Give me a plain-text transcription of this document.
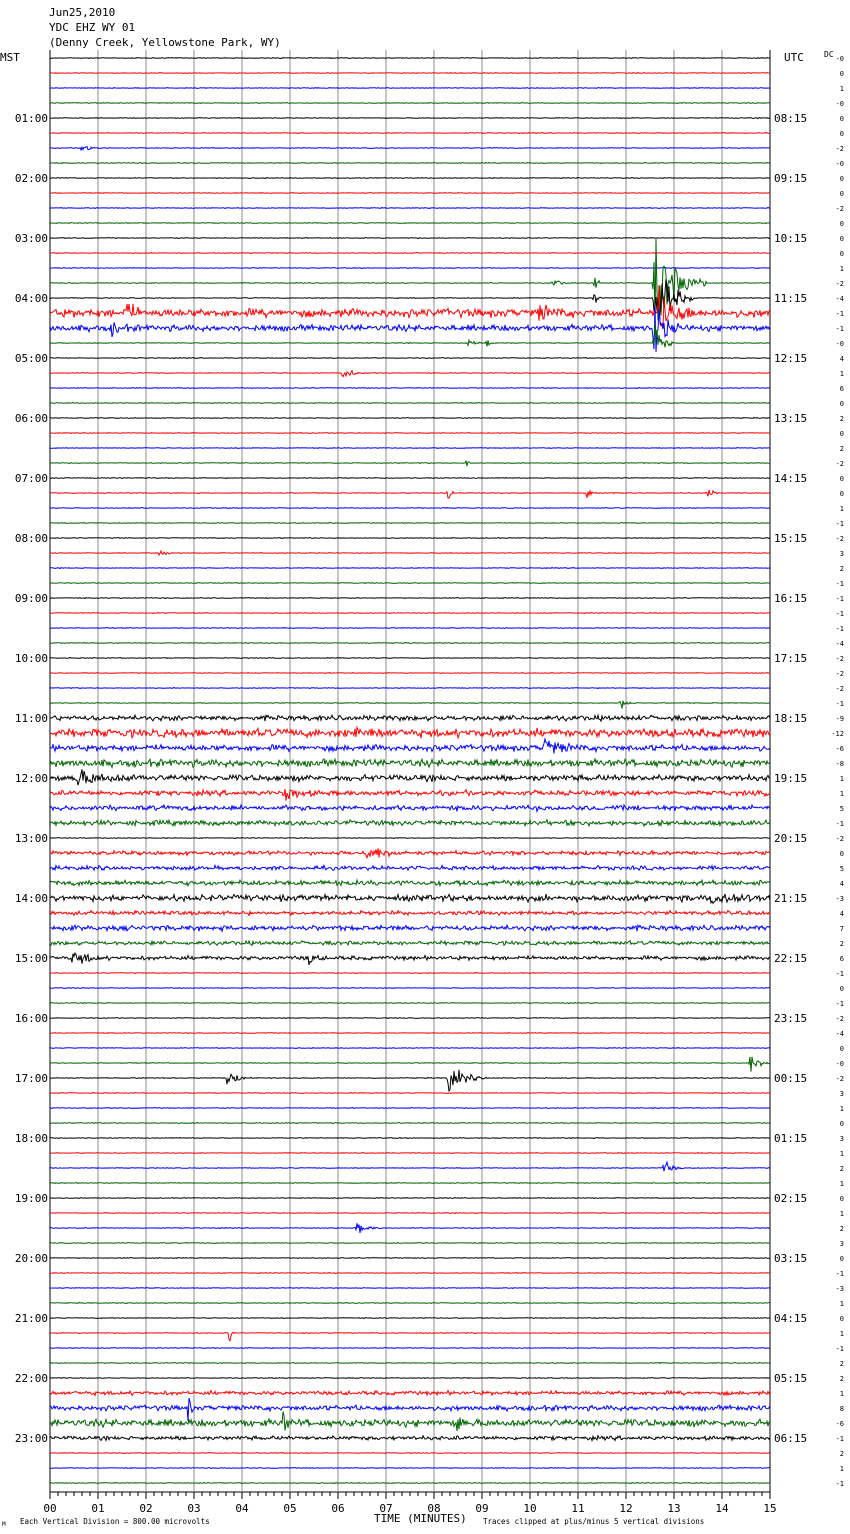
00	01	02	03	04	05	06	07	08	09	10	11	12	13	14	15
01:00	08:15
02:00	09:15
03:00	10:15
04:00	11:15
05:00	12:15
06:00	13:15
07:00	14:15
08:00	15:15
09:00	16:15
10:00	17:15
11:00	18:15
12:00	19:15
13:00	20:15
14:00	21:15
15:00	22:15
16:00	23:15
17:00	00:15
18:00	01:15
19:00	02:15
20:00	03:15
21:00	04:15
22:00	05:15
23:00	06:15
-0
0
1
-0
0
0
-2
-0
0
0
-2
0
0
0
1
-2
-4
-1
-1
-0
4
1
6
0
2
0
2
-2
0
0
1
-1
-2
3
2
-1
-1
-1
-1
-4
-2
-2
-2
-1
-9
-12
-6
-8
1
1
5
-1
-2
0
5
4
-3
4
7
2
6
-1
0
-1
-2
-4
0
-0
-2
3
1
0
3
1
2
1
0
1
2
3
0
-1
-3
1
0
1
-1
2
2
1
8
-6
-1
2
1
-1
Jun25,2010
YDC EHZ WY 01
(Denny Creek, Yellowstone Park, WY)
MST	UTC	DC
TIME (MINUTES)
Each Vertical Division = 800.00 microvolts	Traces clipped at plus/minus 5 vertical divisions
M
